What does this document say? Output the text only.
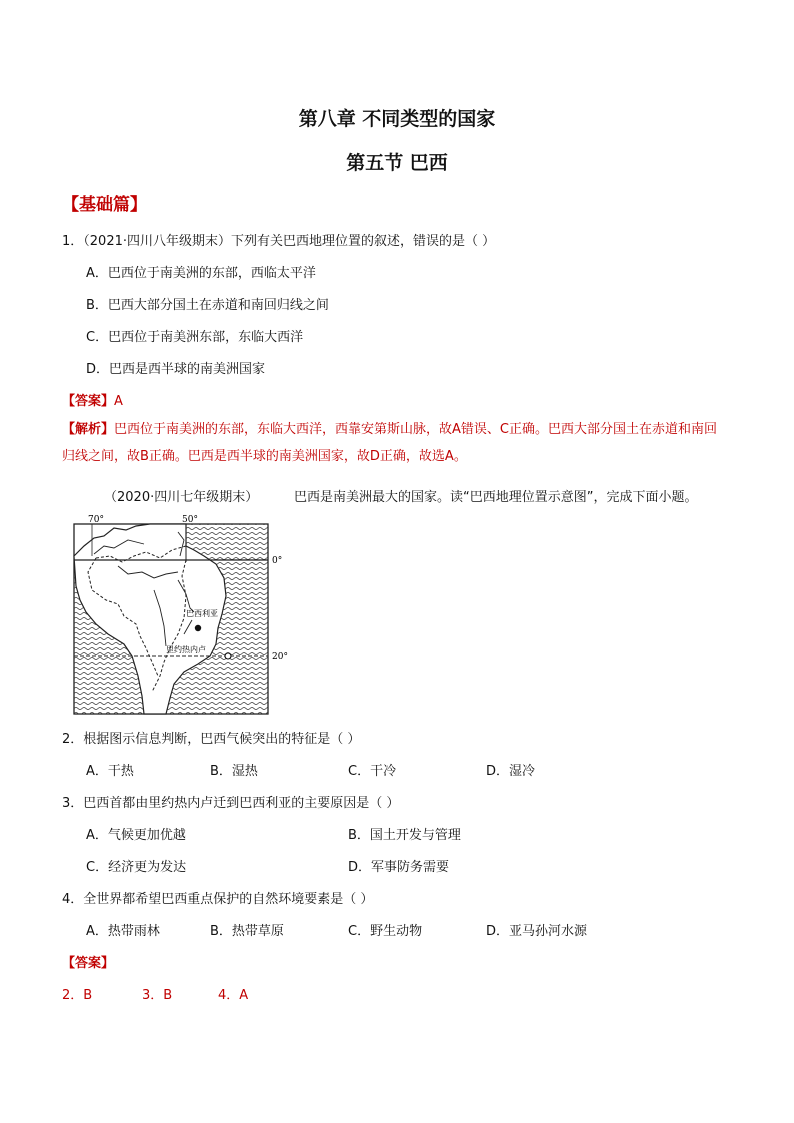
第八章 不同类型的国家
第五节 巴西
【基础篇】
1．（2021·四川八年级期末）下列有关巴西地理位置的叙述，错误的是（ ）
A．巴西位于南美洲的东部，西临太平洋
B．巴西大部分国土在赤道和南回归线之间
C．巴西位于南美洲东部，东临大西洋
D．巴西是西半球的南美洲国家
【答案】A
【解析】巴西位于南美洲的东部，东临大西洋，西靠安第斯山脉，故A错误、C正确。巴西大部分国土在赤道和南回归线之间，故B正确。巴西是西半球的南美洲国家，故D正确，故选A。
（2020·四川七年级期末）	巴西是南美洲最大的国家。读“巴西地理位置示意图”，完成下面小题。
70°	50°
0°
20°
巴西利亚
里约热内卢
2．根据图示信息判断，巴西气候突出的特征是（ ）
A．干热	B．湿热	C．干冷	D．湿冷
3．巴西首都由里约热内卢迁到巴西利亚的主要原因是（ ）
A．气候更加优越	B．国土开发与管理
C．经济更为发达	D．军事防务需要
4．全世界都希望巴西重点保护的自然环境要素是（ ）
A．热带雨林	B．热带草原	C．野生动物	D．亚马孙河水源
【答案】
2．B	3．B	4．A
